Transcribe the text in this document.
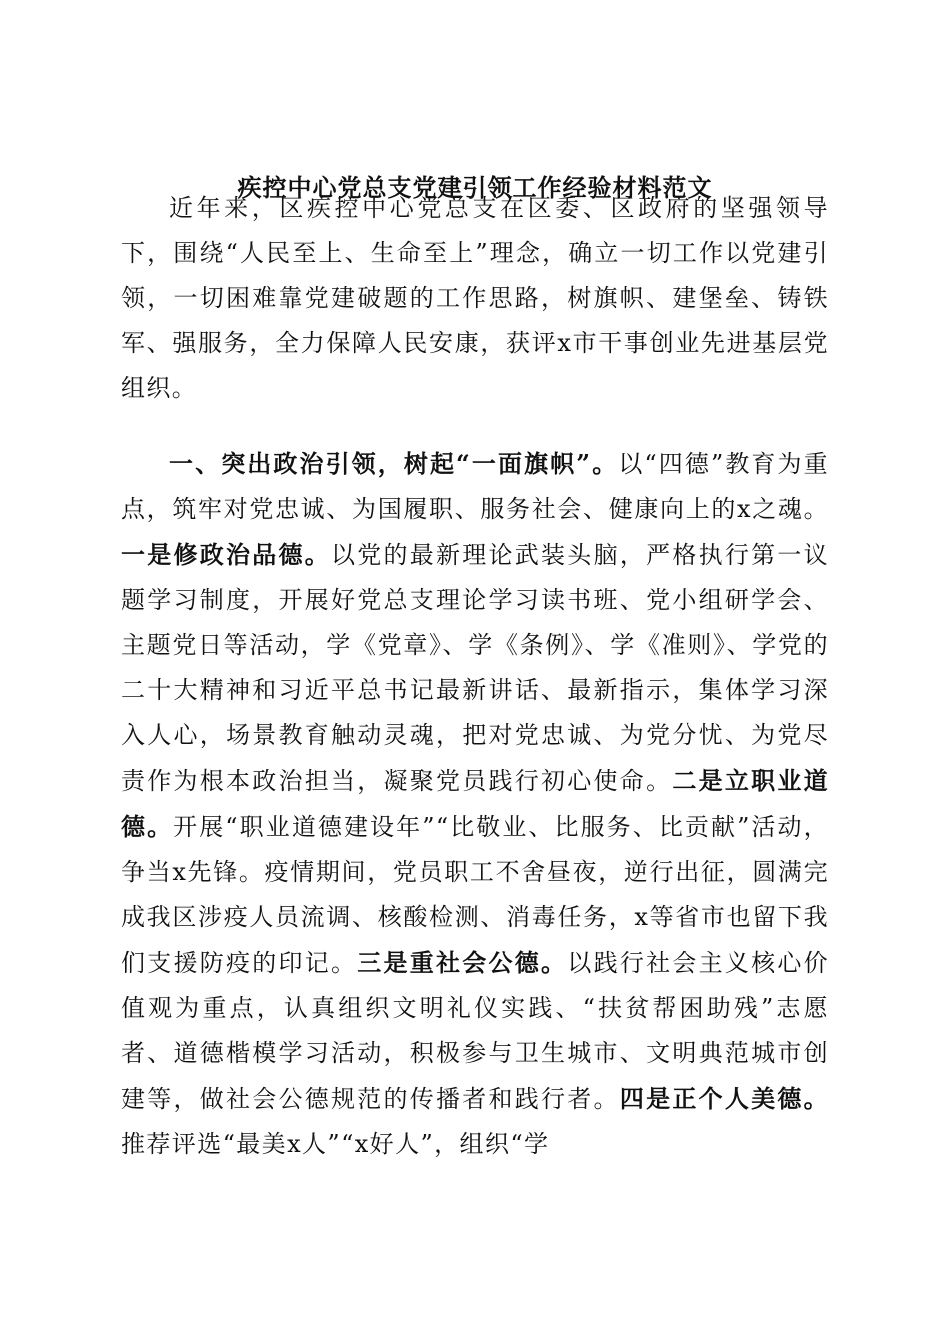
疾控中心党总支党建引领工作经验材料范文

近年来，区疾控中心党总支在区委、区政府的坚强领导下，围绕“人民至上、生命至上”理念，确立一切工作以党建引领，一切困难靠党建破题的工作思路，树旗帜、建堡垒、铸铁军、强服务，全力保障人民安康，获评x市干事创业先进基层党组织。

一、突出政治引领，树起“一面旗帜”。以“四德”教育为重点，筑牢对党忠诚、为国履职、服务社会、健康向上的x之魂。一是修政治品德。以党的最新理论武装头脑，严格执行第一议题学习制度，开展好党总支理论学习读书班、党小组研学会、主题党日等活动，学《党章》、学《条例》、学《准则》、学党的二十大精神和习近平总书记最新讲话、最新指示，集体学习深入人心，场景教育触动灵魂，把对党忠诚、为党分忧、为党尽责作为根本政治担当，凝聚党员践行初心使命。二是立职业道德。开展“职业道德建设年”“比敬业、比服务、比贡献”活动，争当x先锋。疫情期间，党员职工不舍昼夜，逆行出征，圆满完成我区涉疫人员流调、核酸检测、消毒任务，x等省市也留下我们支援防疫的印记。三是重社会公德。以践行社会主义核心价值观为重点，认真组织文明礼仪实践、“扶贫帮困助残”志愿者、道德楷模学习活动，积极参与卫生城市、文明典范城市创建等，做社会公德规范的传播者和践行者。四是正个人美德。推荐评选“最美x人”“x好人”，组织“学
